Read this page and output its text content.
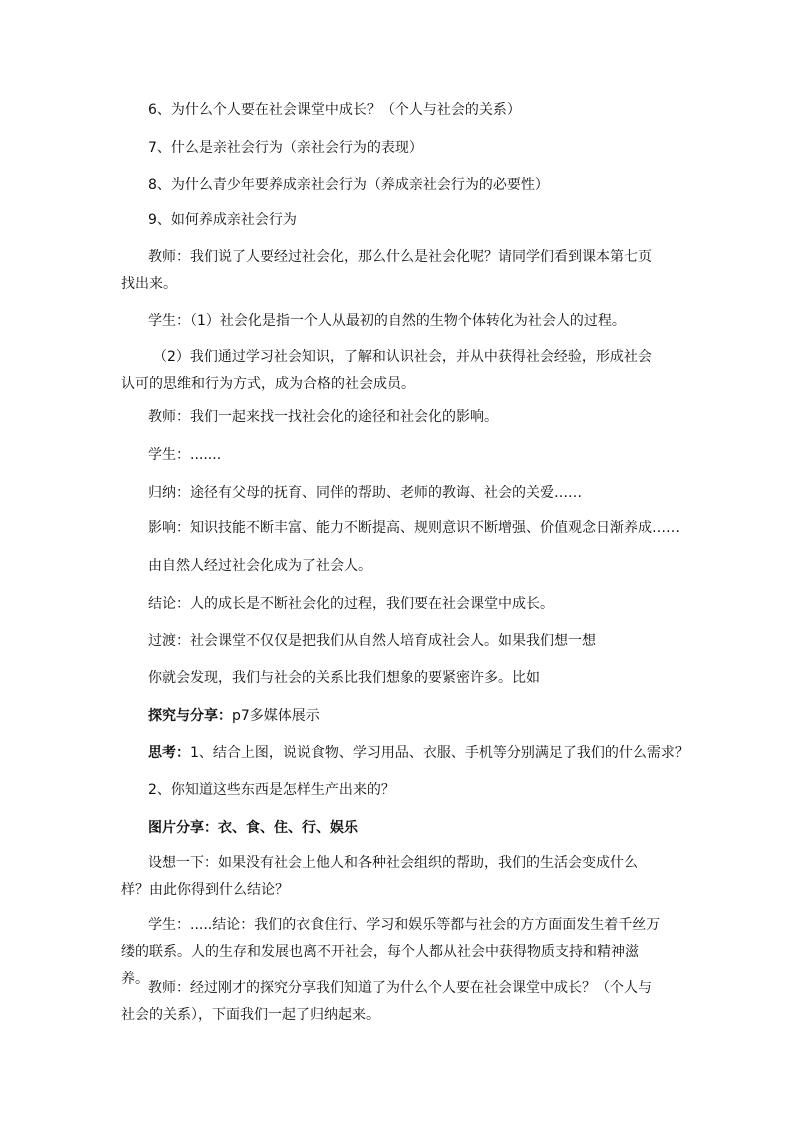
6、为什么个人要在社会课堂中成长？（个人与社会的关系）
7、什么是亲社会行为（亲社会行为的表现）
8、为什么青少年要养成亲社会行为（养成亲社会行为的必要性）
9、如何养成亲社会行为
教师：我们说了人要经过社会化，那么什么是社会化呢？请同学们看到课本第七页找出来。
学生：（1）社会化是指一个人从最初的自然的生物个体转化为社会人的过程。
（2）我们通过学习社会知识，了解和认识社会，并从中获得社会经验，形成社会认可的思维和行为方式，成为合格的社会成员。
教师：我们一起来找一找社会化的途径和社会化的影响。
学生：.......
归纳：途径有父母的抚育、同伴的帮助、老师的教诲、社会的关爱……
影响：知识技能不断丰富、能力不断提高、规则意识不断增强、价值观念日渐养成……
由自然人经过社会化成为了社会人。
结论：人的成长是不断社会化的过程，我们要在社会课堂中成长。
过渡：社会课堂不仅仅是把我们从自然人培育成社会人。如果我们想一想
你就会发现，我们与社会的关系比我们想象的要紧密许多。比如
探究与分享：p7多媒体展示
思考：1、结合上图，说说食物、学习用品、衣服、手机等分别满足了我们的什么需求？
2、你知道这些东西是怎样生产出来的？
图片分享：衣、食、住、行、娱乐
设想一下：如果没有社会上他人和各种社会组织的帮助，我们的生活会变成什么样？由此你得到什么结论？
学生：.....结论：我们的衣食住行、学习和娱乐等都与社会的方方面面发生着千丝万缕的联系。人的生存和发展也离不开社会，每个人都从社会中获得物质支持和精神滋养。
教师：经过刚才的探究分享我们知道了为什么个人要在社会课堂中成长？（个人与社会的关系），下面我们一起了归纳起来。
